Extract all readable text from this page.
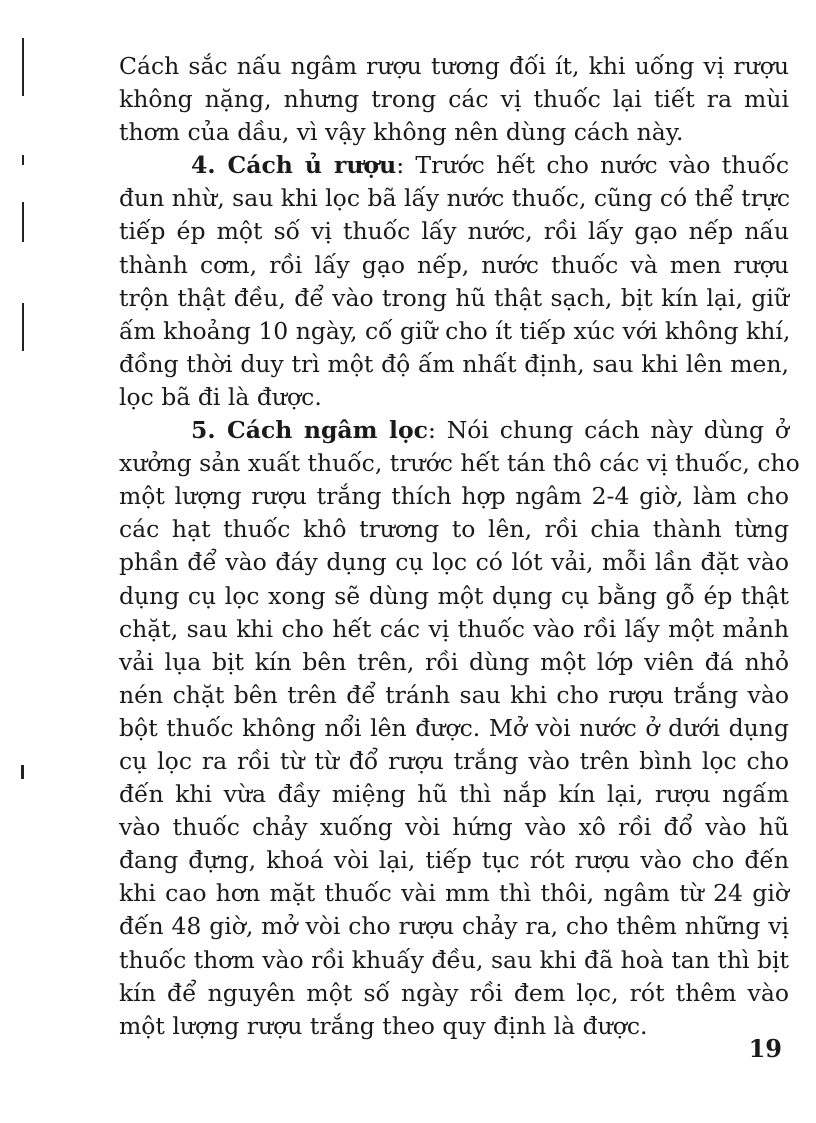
Cách sắc nấu ngâm rượu tương đối ít, khi uống vị rượu
không nặng, nhưng trong các vị thuốc lại tiết ra mùi
thơm của dầu, vì vậy không nên dùng cách này.
4. Cách ủ rượu: Trước hết cho nước vào thuốc
đun nhừ, sau khi lọc bã lấy nước thuốc, cũng có thể trực
tiếp ép một số vị thuốc lấy nước, rồi lấy gạo nếp nấu
thành cơm, rồi lấy gạo nếp, nước thuốc và men rượu
trộn thật đều, để vào trong hũ thật sạch, bịt kín lại, giữ
ấm khoảng 10 ngày, cố giữ cho ít tiếp xúc với không khí,
đồng thời duy trì một độ ấm nhất định, sau khi lên men,
lọc bã đi là được.
5. Cách ngâm lọc: Nói chung cách này dùng ở
xưởng sản xuất thuốc, trước hết tán thô các vị thuốc, cho
một lượng rượu trắng thích hợp ngâm 2-4 giờ, làm cho
các hạt thuốc khô trương to lên, rồi chia thành từng
phần để vào đáy dụng cụ lọc có lót vải, mỗi lần đặt vào
dụng cụ lọc xong sẽ dùng một dụng cụ bằng gỗ ép thật
chặt, sau khi cho hết các vị thuốc vào rồi lấy một mảnh
vải lụa bịt kín bên trên, rồi dùng một lớp viên đá nhỏ
nén chặt bên trên để tránh sau khi cho rượu trắng vào
bột thuốc không nổi lên được. Mở vòi nước ở dưới dụng
cụ lọc ra rồi từ từ đổ rượu trắng vào trên bình lọc cho
đến khi vừa đầy miệng hũ thì nắp kín lại, rượu ngấm
vào thuốc chảy xuống vòi hứng vào xô rồi đổ vào hũ
đang đựng, khoá vòi lại, tiếp tục rót rượu vào cho đến
khi cao hơn mặt thuốc vài mm thì thôi, ngâm từ 24 giờ
đến 48 giờ, mở vòi cho rượu chảy ra, cho thêm những vị
thuốc thơm vào rồi khuấy đều, sau khi đã hoà tan thì bịt
kín để nguyên một số ngày rồi đem lọc, rót thêm vào
một lượng rượu trắng theo quy định là được.
19
